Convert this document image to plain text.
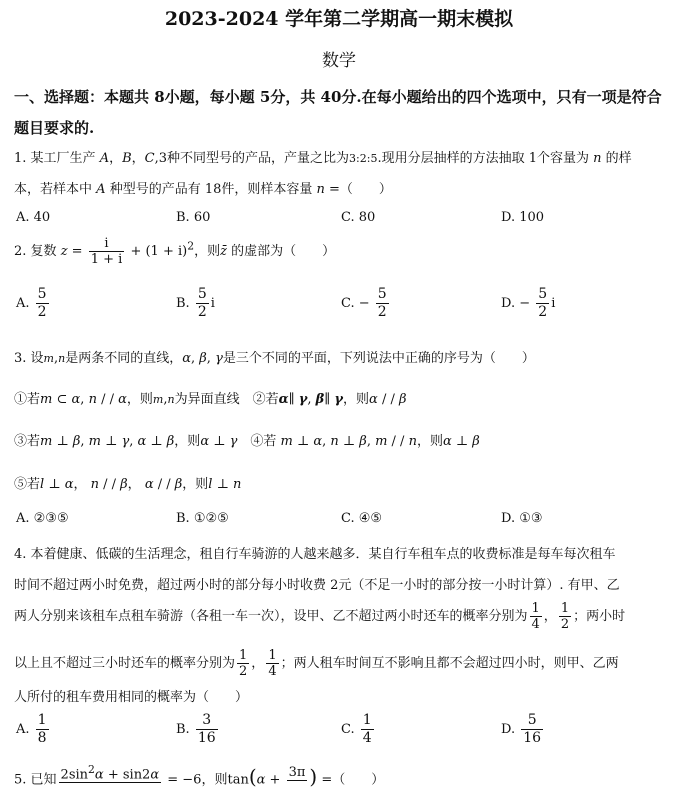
2023-2024 学年第二学期高一期末模拟
数学
一、选择题：本题共 8小题，每小题 5分，共 40分.在每小题给出的四个选项中，只有一项是符合题目要求的.
1. 某工厂生产 A，B，C,3种不同型号的产品，产量之比为3:2:5.现用分层抽样的方法抽取 1个容量为 n 的样
本，若样本中 A 种型号的产品有 18件，则样本容量 n =（　　）
A. 40	B. 60	C. 80	D. 100
2. 复数 $z = \frac{i}{1 + i} + (1 + i)^2$，则z̄ 的虚部为（　　）
A. $\frac{5}{2}$	B. $\frac{5}{2}$ i	C. − $\frac{5}{2}$	D. − $\frac{5}{2}$ i
3. 设m,n是两条不同的直线，α, β, γ是三个不同的平面，下列说法中正确的序号为（　　）
①若m ⊂ α, n / / α，则m,n为异面直线　 ②若α∥ γ, β∥ γ，则α / / β
③若m ⊥ β, m ⊥ γ, α ⊥ β，则α ⊥ γ　 ④若 m ⊥ α, n ⊥ β, m / / n，则α ⊥ β
⑤若l ⊥ α， n / / β， α / / β，则l ⊥ n
A. ②③⑤	B. ①②⑤	C. ④⑤	D. ①③
4. 本着健康、低碳的生活理念，租自行车骑游的人越来越多．某自行车租车点的收费标准是每车每次租车
时间不超过两小时免费，超过两小时的部分每小时收费 2元（不足一小时的部分按一小时计算）. 有甲、乙
两人分别来该租车点租车骑游（各租一车一次），设甲、乙不超过两小时还车的概率分别为 $\frac{1}{4}$ ， $\frac{1}{2}$ ；两小时
以上且不超过三小时还车的概率分别为 $\frac{1}{2}$ ， $\frac{1}{4}$ ；两人租车时间互不影响且都不会超过四小时，则甲、乙两
人所付的租车费用相同的概率为（　　）
A. $\frac{1}{8}$	B. $\frac{3}{16}$	C. $\frac{1}{4}$	D. $\frac{5}{16}$
5. 已知 $2\sin^2\alpha + \sin 2\alpha$
= −6，则tan(α +
3π
) =（　　）
